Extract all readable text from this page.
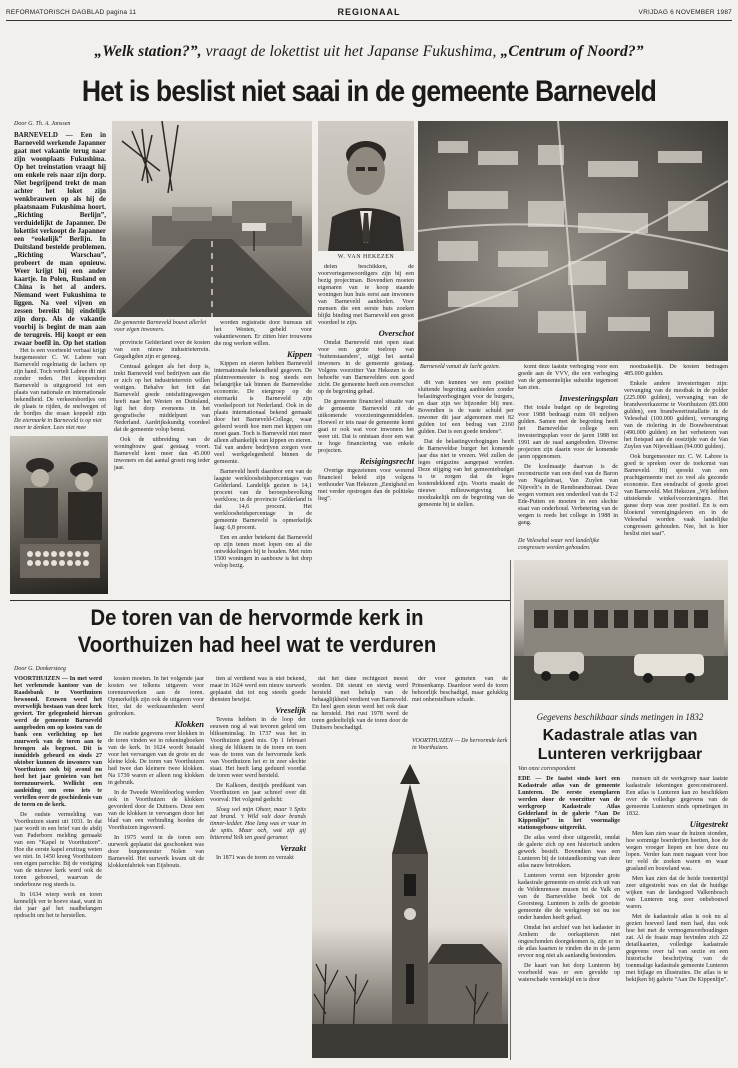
REFORMATORISCH DAGBLAD pagina 11	REGIONAAL	VRIJDAG 6 NOVEMBER 1987
„Welk station?”, vraagt de lokettist uit het Japanse Fukushima, „Centrum of Noord?”
Het is beslist niet saai in de gemeente Barneveld
Door G. Th. A. Janssen

BARNEVELD — Een in Barneveld werkende Japanner gaat met vakantie terug naar zijn woonplaats Fukushima. Op het treinstation vraagt hij om enkele reis naar zijn dorp. Niet begrijpend trekt de man achter het loket zijn wenkbrauwen op als hij de plaatsnaam Fukushima hoort. „Richting Berlijn”, verduidelijkt de Japanner. De lokettist verkoopt de Japanner een “eokelijk” Berlijn. In Duitsland bestelde problemen. „Richting Warschau”, probeert de man opnieuw. Weer krijgt hij een ander kaartje. In Polen, Rusland en China is het al anders. Niemand weet Fukushima te liggen. Na veel vijven en zessen bereikt hij eindelijk zijn dorp. Als de vakantie voorbij is begint de man aan de terugreis. Hij koopt er een zwaar boefil in. Op het station

Het is een voorbeeld verhaal krijgt burgemeester C. W. Labree van Barneveld regelmatig de lachers op zijn hand. Toch vertelt Labree dit niet zonder reden. Het kippendorp Barneveld is uitgegroeid tot een plaats van nationale en internationale bekendheid. De verkeersbordjes om de plaats te rijden, de snelwegen of de bordjes die eraan koppeld zijn

De eiermarkt in Barneveld is op niet meer te denken. Lees niet mee
De gemeente Barneveld bouwt allerlei voor eigen inwoners.

provincie Gelderland over de kosten van een nieuw industrieterrein. Gegadigden zijn er genoeg.

Centraal gelegen als het dorp is, trekt Barneveld veel bedrijven aan die er zich op het industrieterrein willen vestigen. Behalve het feit dat Barneveld goede ontsluitingswegen heeft naar het Westen en Duitsland, ligt het dorp eveneens in het geografische middelpunt van Nederland. Aardrijkskundig voordeel dat de gemeente volop benut.

Ook de uitbreiding van de woningbouw gaat gestaag voort. Barneveld kent meer dan 45.000 inwoners en dat aantal groeit nog ieder jaar.

worden registratie door bureaus uit het Westen, gebeld voor vakantiewonen. Er zitten hier trouwens die nog werken willen.

Kippen

Kippen en eieren hebben Barneveld internationale bekendheid gegeven. De pluimveemeester is nog steeds een belangrijke tak binnen de Barneveldse economie. De eiergroep op de eiermarkt is Barneveld zijn voedselpoort tot Nederland. Ook in de plaats internationaal bekend gemaakt door het Barneveld-College, waar geleerd wordt hoe men met kippen om moet gaan. Toch is Barneveld niet meer alleen afhankelijk van kippen en eieren. Tal van andere bedrijven zorgen voor veel werkgelegenheid binnen de gemeente.

Barneveld heeft daardoor een van de laagste werkloosheidspercentages van Gelderland. Landelijk gezien is 14,1 procent van de beroepsbevolking werkloos; in de provincie Gelderland is dat 14,6 procent. Het werkloosheidspercentage in de gemeente Barneveld is opmerkelijk laag: 6,8 procent.

Een en ander betekent dat Barneveld op zijn tenen moet lopen om al die ontwikkelingen bij te houden. Met ruim 1500 woningen in aanbouw is het dorp volop bezig.

W. VAN HEKEZEN

delen beschikken, de voorvertegenwoordigers zijn bij een bezig projectman. Bovendien moeten eigenaren van te koop staande woningen hun huis eerst aan inwoners van Barneveld aanbieden. Voor mensen die een eerste huis zoeken blijkt binding met Barneveld een groot voordeel te zijn.

Overschot

Omdat Barneveld niet open staat voor een grote toeloop van ‘buitenstaanders’, stijgt het aantal inwoners in de gemeente gestaag. Volgens voorzitter Van Hekezen is de behoefte van Barnevelders een goed zicht. De gemeente heeft een overschot op de begroting gehad.

De gemeente financieel situatie van de gemeente Barneveld zit de uitkomende voorzieningenmiddelen. Hoewel er iets naar de gemeente komt gaat er ook wat voor inwoners het weer uit. Dat is ontstaan door een wat te hoge financiering van enkele projecten.

Reisigingsrecht

Overige ingezetenen voor wonend financieel beleid zijn volgens wethouder Van Hekezen „Eenigheid en met verder opstrogen dan de politieke lieg”.

Barneveld vanuit de lucht gezien.

dit van kunnen we een positief sluitende begroting aanbieden zonder belastingverhogingen voor de burgers, en daar zijn we bijzonder blij mee. Bovendien is de vaste schuld per inwoner dit jaar afgenomen met 82 gulden tot een bedrag van 2160 gulden. Dat is een goede tendens”.

Dat de belastingverhogingen heeft de Barneveldse burger het komende jaar dus niet te vrezen. Wel zullen de leges enigszins aangepast worden. Deze stijging van het gemeentebudget is te zorgen dat de leges kostendekkend zijn. Voorts maakt de nieuwe milieuwetgeving het noodzakelijk om de begroting van de gemeente bij te stellen.

komt deze laatste verhoging voor een goede aan de VVV, die een verhoging van de gemeentelijke subsidie tegemoet kan zien.

Investeringsplan

Het totale budget op de begroting voor 1988 bedraagt ruim 69 miljoen gulden. Samen met de begroting heeft het Barneveldse college een investeringsplan voor de jaren 1988 tot 1991 aan de raad aangeboden. Diverse projecten zijn daarin voor de komende jaren opgenomen.

De koolmaatje daarvan is de reconstructie van een deel van de Baron van Nagelstraat, Van Zuylen van Nijevelt’s in de Rembrandtstraat. Deze wegen vormen een onderdeel van de T-2 Ede-Putten en moeten in een slechte staat van onderhoud. Verbetering van de wegen is reeds het college in 1988 in gang.

De Velesehal waar veel landelijke congressen worden gehouden.

noodzakelijk. De kosten bedragen 485.000 gulden.

Enkele andere investeringen zijn: vervanging van de mestbak in de polder (225.000 gulden), vervanging van de brandweerkazerne te Voorthuizen (85.000 gulden), een brandweerinstallatie in de Velesehal (100.000 gulden), vervanging van de riolering in de Bouwheerstraat (490.000 gulden) en het verbeteren van het fietspad aan de oostzijde van de Van Zuylen van Nijeveltlaan (94.000 gulden).

Ook burgemeester mr. C. W. Labree is goed te spreken over de toekomst van Barneveld. Hij spreekt van een prachtgemeente met zo veel als gezonde economie. Een eendracht of goede groei van Barneveld. Met Hekezen „Wij hebben uitstekende winkelvoorzieningen. Het ganse dorp was zeer positief. En is een bloeiend verenigingsleven en in de Velesehal worden vaak landelijke congressen gehouden. Nee, het is hier beslist niet saai”.

De toren van de hervormde kerk in
Voorthuizen had heel wat te verduren
Door G. Donkersteeg

VOORTHUIZEN — In met werd het verlenende kantoor van de Raadsbank te Voorthuizen bewoond. Eeuwen werd het overwelijk bestaan van deze kerk geviert. Ter gelegenheid hiervan werd de gemeente Barneveld aangeboden om op kosten van de bank een verlichting op het zuurwerk van de toren aan te brengen als begroot. Dit is inmiddels gebeurd en sinds 27 oktober kunnen de inwoners van Voorthuizen ook bij avond nu heel het jaar genieten van het torenzuurwerk. Wellicht een aanleiding om eens iets te vertellen over de geschiedenis van de toren en de kerk.

De oudste vermelding van Voorthuizen stamt uit 1031. In dat jaar wordt in een brief van de abdij van Paderborn melding gemaakt van een “Kapel te Voorthuizen”. Hoe die eerste kapel eruitzag weten we niet. In 1450 kreeg Voorthuizen een eigen parochie. Bij de vestiging van de nieuwe kerk werd ook de toren gebouwd, waarvan de onderbouw nog steeds is.

In 1634 wierp werk en toren kennelijk ver te hoeve staat, want in dat jaar gaf het raadbelangen opdracht om het te herstellen.

kosten moeten. In het volgende jaar kosten we telkens uitgaven voor torenuurwerken aan de toren. Opmerkelijk zijn ook de uitgaven voor bier, dat de werkzaamheden werd gedronken.

Klokken

De oudste gegevens over klokken in de toren vinden we in rekeningboeken van de kerk. In 1624 wordt betaald voor het vervangen van de grote en de kleine klok. De toren van Voorthuizen had twee dan kleinere twee klokken. Na 1739 waren er alleen nog klokken in gebruik.

In de Tweede Wereldoorlog werden ook in Voorthuizen de klokken gevorderd door de Duitsers. Deze een van de klokken te vervangen door het blad van een verbinding borden de Voorthuizen ingevoerd.

In 1975 werd in de toren een uurwerk geplaatst dat geschonken was door burgemeester Nolen van Barneveld. Het uurwerk kwam uit de klokkenfabriek van Eijsbouts.

tien al verdiend was is niet bekend, maar in 1624 werd een nieuw uurwerk geplaatst dat tot nog steeds goede diensten bewijst.

Vreselijk

Tevens hebben in de loop der eeuwen nog al wat tevoren geleid om blikseminslag. In 1737 was het in Voorthuizen goed mis. Op 1 februari sloeg de bliksem in de toren en toen was de toren van de hervormde kerk van Voorthuizen het er in zeer slechte staat. Het heeft lang geduurd voordat de toren weer werd hersteld.

De Kalkoen, destijds predikant van Voorthuizen en jaar schreef over dit voorval: Het volgend gedicht:

Sloeg wel mijn Oheer, maar 't Spits zat brand. ‘t Wild valt door brands tinner-ledder. Hoe lang was er vuur in de spits. Maar och, wat zijt gij bitterend Yelk ten goed gerumer.

Verzakt

In 1871 was de toren zo verzakt

dat het dane rechtgezet moest worden. Dit steunt en stevig werd hersteld met behulp van de behaaglijkheid verdient van Barneveld. En heel geen steun werd het ook daar na hersteld. Het rust 1978 werd de toren gedeeltelijk van de toren door de Duitsers beschadigd.

der voor gemeten van de Prinsenkamp. Daardoor werd de toren behoorlijk beschadigd, maar gelukkig met onherstelbare schade.

VOORTHUIZEN — De hervormde kerk in Voorthuizen.
Gegevens beschikbaar sinds metingen in 1832
Kadastrale atlas van
Lunteren verkrijgbaar
Van onze correspondent

EDE — De laatst sinds kort een Kadastrale atlas van de gemeente Lunteren. De eerste exemplaren werden door de voorzitter van de werkgroep Kadastrale Atlas Gelderland in de galerie “Aan De Kippenlijn” in het voormalige stationsgebouw uitgereikt.

De atlas werd door uitgereikt, omdat de galerie zich op een historisch anders gewerk bestelt. Bovendien was een Lunteren bij de totstandkoming van deze atlas nauw betrokken.

Lunteren vormt een bijzonder grote kadastrale gemeente en strekt zich uit van de Veldenrensoe musen tot de Valk en van de Barneveldse beek tot de Goorsteeg. Lunteren is zelfs de grootste gemeente die de werkgroep tot nu toe onder handen heeft gehad.

Omdat het archief van het kadaster in Arnhem de oorkapiteren niet ongeschonden doorgekomen is, zijn er in de atlas kaarten te vinden die in de jaren ervoor nog niet als aanlandig bestonden.

De kaart van het dorp Lunteren bij voorbeeld was er een gevulde op waterschade verniekijd en is door

mensen uit de werkgroep naar laatste kadastrale tekeningen gereconstrueerd. Een atlas is Lunteren kan zo beschikken over de volledige gegevens van de gemeente Lunteren sinds opmetingen in 1832.

Uitgestrekt

Men kan zien waar de huizen stonden, hoe sommige boerderijen heetten, hoe de wegen vroeger liepen en hoe deze nu lopen. Verder kan men nagaan voor hoe ter veld de zoeken waren en waar grasland en bouwland was.

Men kan zien dat de heide toentertijd zeer uitgestrekt was en dat de huidige wijken van de landsgoed Valkenbosch van Lunteren nog zeer onbebouwd waren.

Met de kadastrale atlas is ook nu al gezien hoeveel land men had, dus ook hoe het met de vermogensverhoudingen zat. Al de fraaie map bevinden zich 22 detailkaarten, volledige kadastrale gegevens over tal van sectie en een historische beschrijving van de toenmalige kadastrale gemeente Lunteren met bijlage en illustraties. De atlas is te bekijken bij galerie “Aan De Kippenlijn”.
